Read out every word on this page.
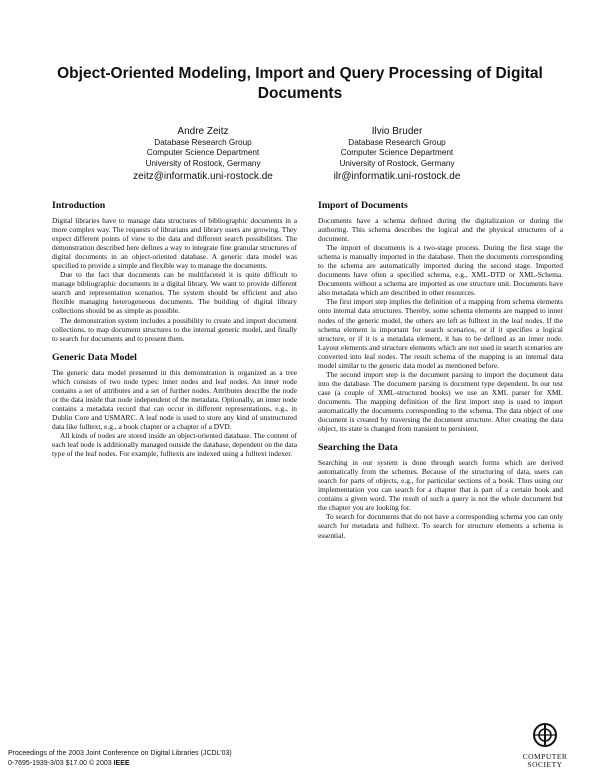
Object-Oriented Modeling, Import and Query Processing of Digital Documents
Andre Zeitz
Database Research Group
Computer Science Department
University of Rostock, Germany
zeitz@informatik.uni-rostock.de
Ilvio Bruder
Database Research Group
Computer Science Department
University of Rostock, Germany
ilr@informatik.uni-rostock.de
Introduction

Digital libraries have to manage data structures of bibliographic documents in a more complex way. The requests of librarians and library users are growing. They expect different points of view to the data and different search possibilities. The demonstration described here defines a way to integrate fine granular structures of digital documents in an object-oriented database. A generic data model was specified to provide a simple and flexible way to manage the documents.

Due to the fact that documents can be multifaceted it is quite difficult to manage bibliographic documents in a digital library. We want to provide different search and representation scenarios. The system should be efficient and also flexible managing heterogeneous documents. The building of digital library collections should be as simple as possible.

The demonstration system includes a possibility to create and import document collections, to map document structures to the internal generic model, and finally to search for documents and to present them.

Generic Data Model

The generic data model presented in this demonstration is organized as a tree which consists of two node types: inner nodes and leaf nodes. An inner node contains a set of attributes and a set of further nodes. Attributes describe the node or the data inside that node independent of the metadata. Optionally, an inner node contains a metadata record that can occur in different representations, e.g., in Dublin Core and USMARC. A leaf node is used to store any kind of unstructured data like fulltext, e.g., a book chapter or a chapter of a DVD.

All kinds of nodes are stored inside an object-oriented database. The content of each leaf node is additionally managed outside the database, dependent on the data type of the leaf nodes. For example, fulltexts are indexed using a fulltext indexer.

Import of Documents

Documents have a schema defined during the digitalization or during the authoring. This schema describes the logical and the physical structures of a document.

The import of documents is a two-stage process. During the first stage the schema is manually imported in the database. Then the documents corresponding to the schema are automatically imported during the second stage. Imported documents have often a specified schema, e.g., XML-DTD or XML-Schema. Documents without a schema are imported as one structure unit. Documents have also metadata which are described in other resources.

The first import step implies the definition of a mapping from schema elements onto internal data structures. Thereby, some schema elements are mapped to inner nodes of the generic model, the others are left as fulltext in the leaf nodes. If the schema element is important for search scenarios, or if it specifies a logical structure, or if it is a metadata element, it has to be defined as an inner node. Layout elements and structure elements which are not used in search scenarios are converted into leaf nodes. The result schema of the mapping is an internal data model similar to the generic data model as mentioned before.

The second import step is the document parsing to import the document data into the database. The document parsing is document type dependent. In our test case (a couple of XML-structured books) we use an XML parser for XML documents. The mapping definition of the first import step is used to import automatically the documents corresponding to the schema. The data object of one document is created by traversing the document structure. After creating the data object, its state is changed from transient to persistent.

Searching the Data

Searching in our system is done through search forms which are derived automatically from the schemes. Because of the structuring of data, users can search for parts of objects, e.g., for particular sections of a book. Thus using our implementation you can search for a chapter that is part of a certain book and contains a given word. The result of such a query is not the whole document but the chapter you are looking for.

To search for documents that do not have a corresponding schema you can only search for metadata and fulltext. To search for structure elements a schema is essential.

Proceedings of the 2003 Joint Conference on Digital Libraries (JCDL’03)
0-7695-1939-3/03 $17.00 © 2003 IEEE
COMPUTER
SOCIETY
